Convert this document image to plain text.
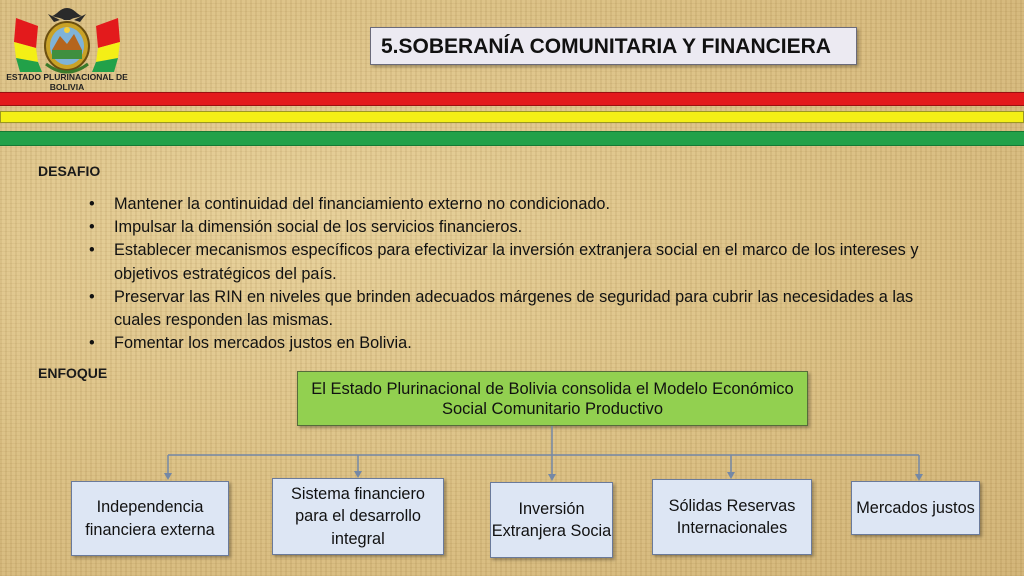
ESTADO PLURINACIONAL DE BOLIVIA
5.SOBERANÍA COMUNITARIA Y FINANCIERA
DESAFIO
• Mantener la continuidad del financiamiento externo no condicionado.
• Impulsar la dimensión social de los servicios financieros.
• Establecer mecanismos específicos para efectivizar la inversión extranjera social en el marco de los intereses y objetivos estratégicos del país.
• Preservar las RIN en niveles que brinden adecuados márgenes de seguridad para cubrir las necesidades a las cuales responden las mismas.
• Fomentar los mercados justos en Bolivia.
ENFOQUE
El Estado Plurinacional de Bolivia consolida el Modelo Económico Social Comunitario Productivo
Independencia financiera externa
Sistema financiero para el desarrollo integral
Inversión Extranjera Socia
Sólidas Reservas Internacionales
Mercados justos
